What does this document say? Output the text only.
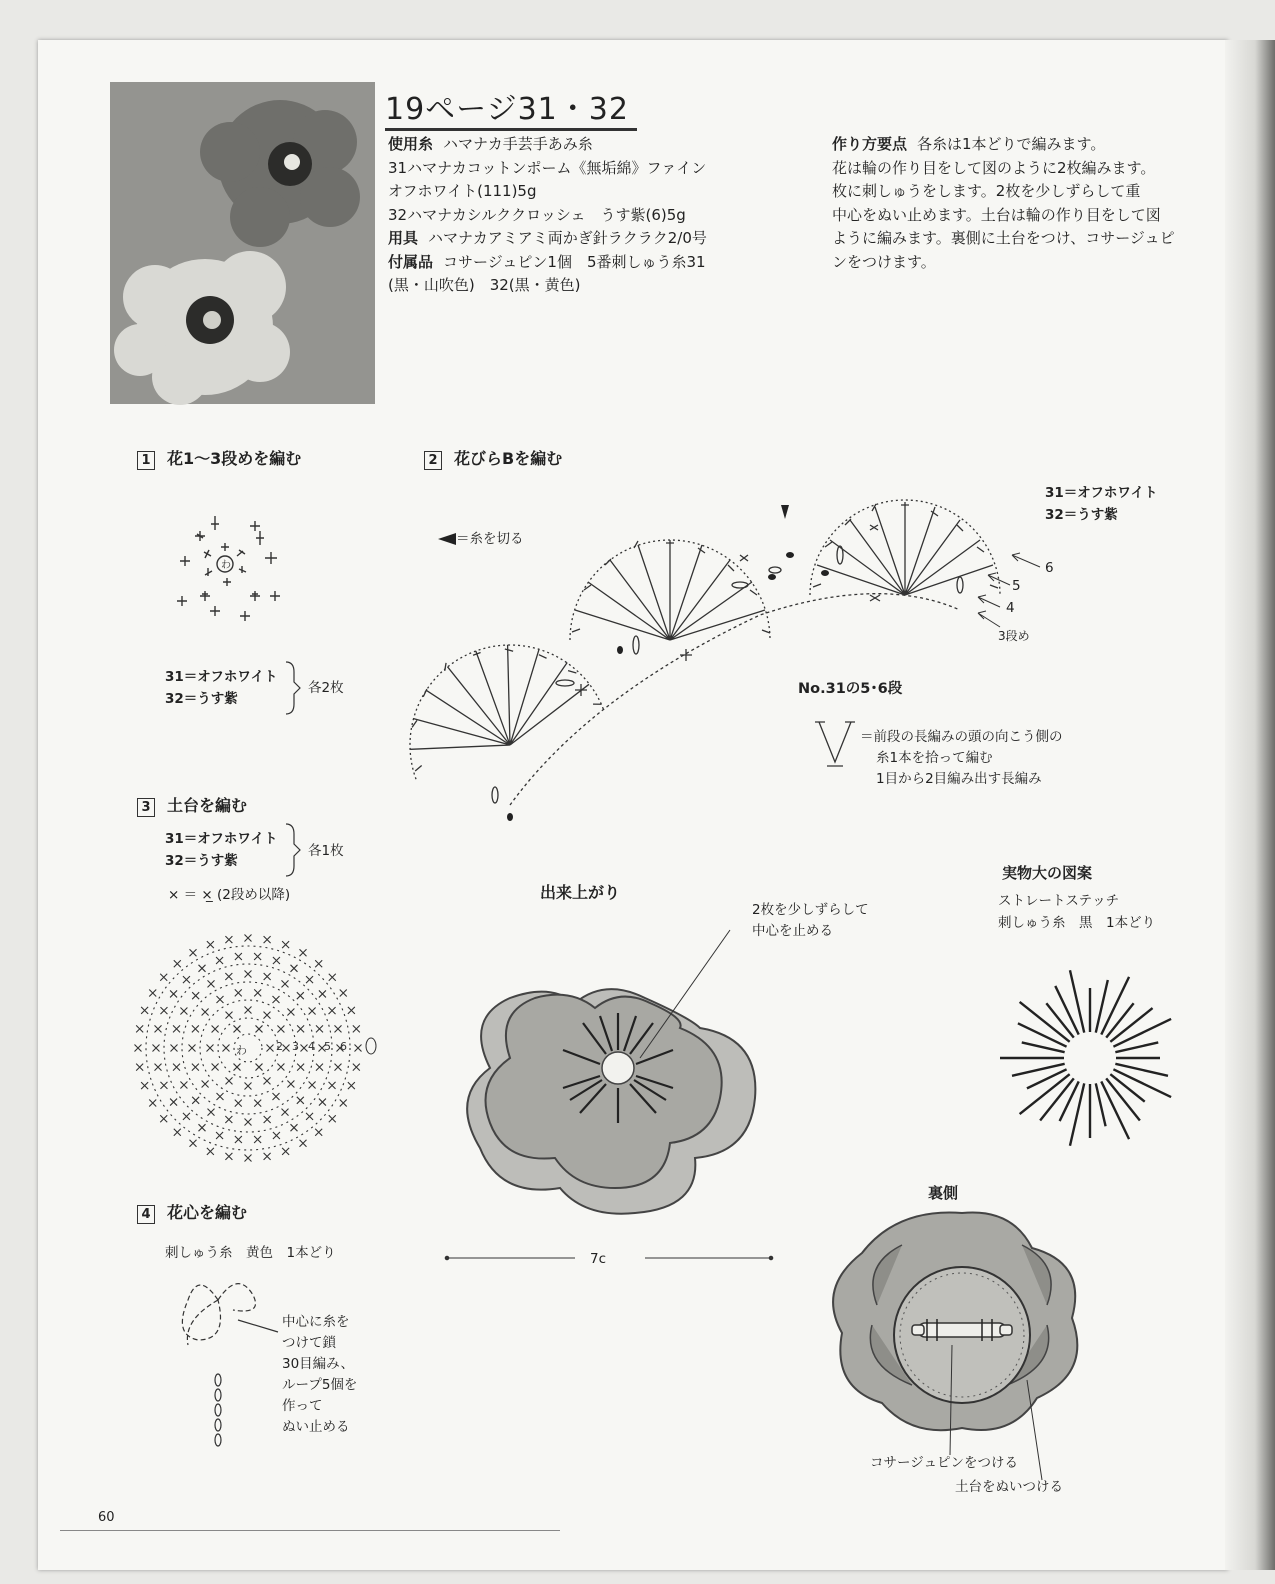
19ページ31・32
使用糸 ハマナカ手芸手あみ糸
31ハマナカコットンポーム《無垢綿》ファイン
オフホワイト(111)5g
32ハマナカシルククロッシェ　うす紫(6)5g
用具 ハマナカアミアミ両かぎ針ラクラク2/0号
付属品 コサージュピン1個　5番刺しゅう糸31
(黒・山吹色)　32(黒・黄色)
作り方要点 各糸は1本どりで編みます。
花は輪の作り目をして図のように2枚編みます。
枚に刺しゅうをします。2枚を少しずらして重
中心をぬい止めます。土台は輪の作り目をして図
ように編みます。裏側に土台をつけ、コサージュピ
ンをつけます。
1 花1〜3段めを編む
わ
31＝オフホワイト
32＝うす紫
各2枚
2 花びらBを編む
＝糸を切る
6
5
4
3段め
31＝オフホワイト
32＝うす紫
No.31の5･6段
＝前段の長編みの頭の向こう側の
糸1本を拾って編む
1目から2目編み出す長編み
3 土台を編む
31＝オフホワイト
32＝うす紫
各1枚
× ＝ ×̲ (2段め以降)
わ	2 3 4 5 6
4 花心を編む
刺しゅう糸　黄色　1本どり
中心に糸を
つけて鎖
30目編み、
ループ5個を
作って
ぬい止める
出来上がり
2枚を少しずらして
中心を止める
7c
実物大の図案
ストレートステッチ
刺しゅう糸　黒　1本どり
裏側
コサージュピンをつける
土台をぬいつける
60
